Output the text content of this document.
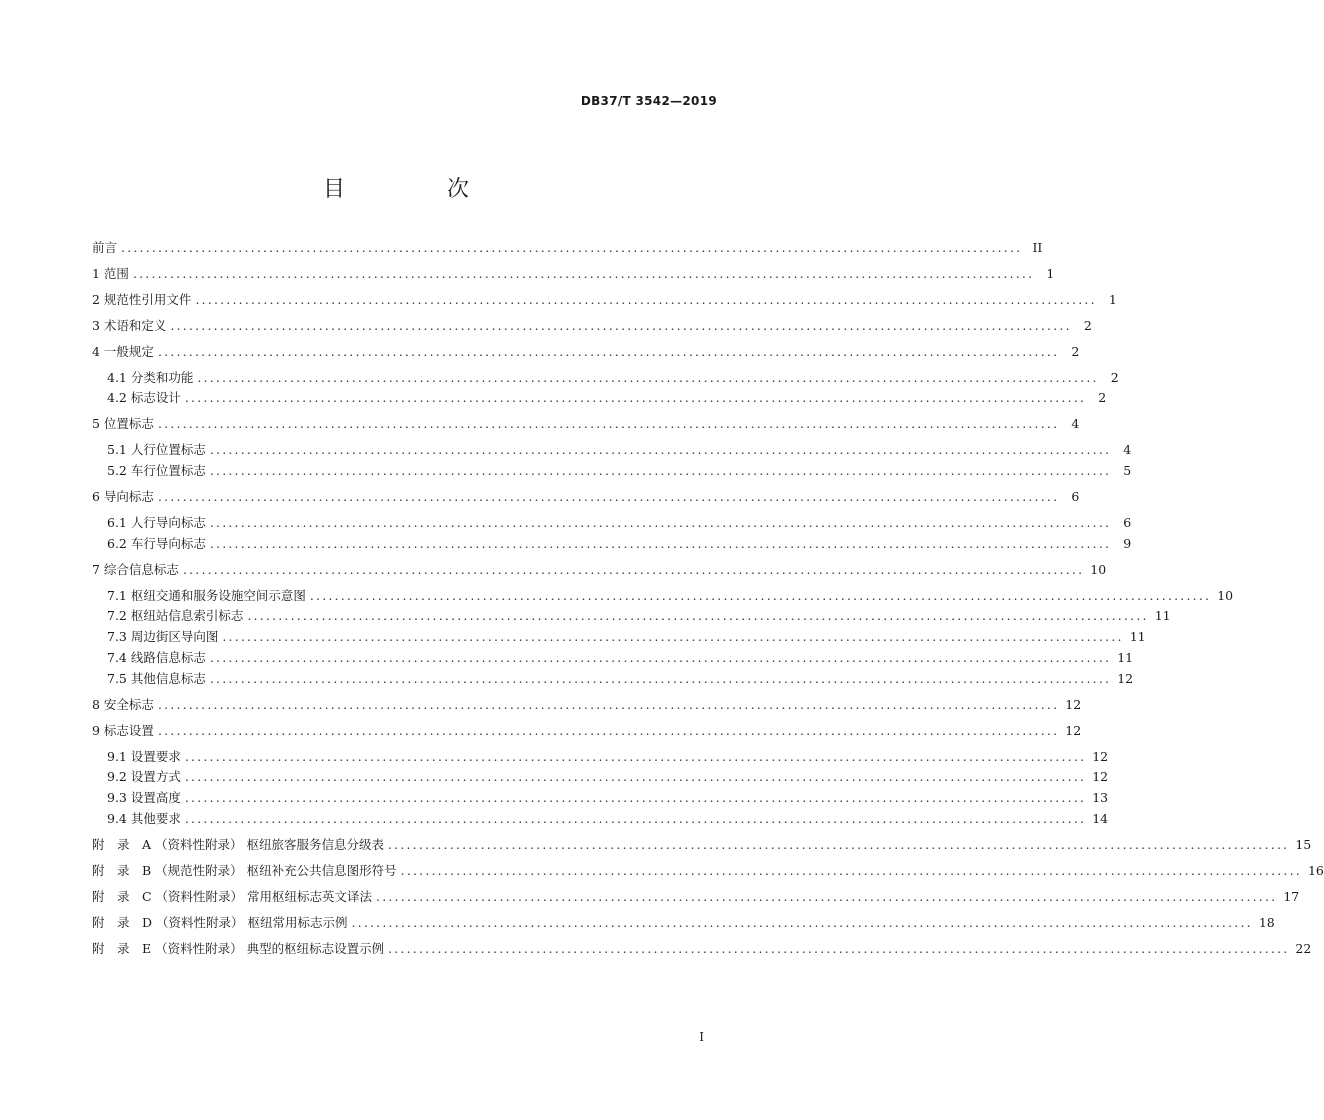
DB37/T 3542—2019
目　次
前言 .................................................................................................................................................. II
1 范围 .................................................................................................................................................. 1
2 规范性引用文件 .................................................................................................................................................. 1
3 术语和定义 .................................................................................................................................................. 2
4 一般规定 .................................................................................................................................................. 2
4.1 分类和功能 .................................................................................................................................................. 2
4.2 标志设计 .................................................................................................................................................. 2
5 位置标志 .................................................................................................................................................. 4
5.1 人行位置标志 .................................................................................................................................................. 4
5.2 车行位置标志 .................................................................................................................................................. 5
6 导向标志 .................................................................................................................................................. 6
6.1 人行导向标志 .................................................................................................................................................. 6
6.2 车行导向标志 .................................................................................................................................................. 9
7 综合信息标志 .................................................................................................................................................. 10
7.1 枢纽交通和服务设施空间示意图 .................................................................................................................................................. 10
7.2 枢纽站信息索引标志 .................................................................................................................................................. 11
7.3 周边街区导向图 .................................................................................................................................................. 11
7.4 线路信息标志 .................................................................................................................................................. 11
7.5 其他信息标志 .................................................................................................................................................. 12
8 安全标志 .................................................................................................................................................. 12
9 标志设置 .................................................................................................................................................. 12
9.1 设置要求 .................................................................................................................................................. 12
9.2 设置方式 .................................................................................................................................................. 12
9.3 设置高度 .................................................................................................................................................. 13
9.4 其他要求 .................................................................................................................................................. 14
附　录　A （资料性附录） 枢纽旅客服务信息分级表 .................................................................................................................................................. 15
附　录　B （规范性附录） 枢纽补充公共信息图形符号 .................................................................................................................................................. 16
附　录　C （资料性附录） 常用枢纽标志英文译法 .................................................................................................................................................. 17
附　录　D （资料性附录） 枢纽常用标志示例 .................................................................................................................................................. 18
附　录　E （资料性附录） 典型的枢纽标志设置示例 .................................................................................................................................................. 22
I
